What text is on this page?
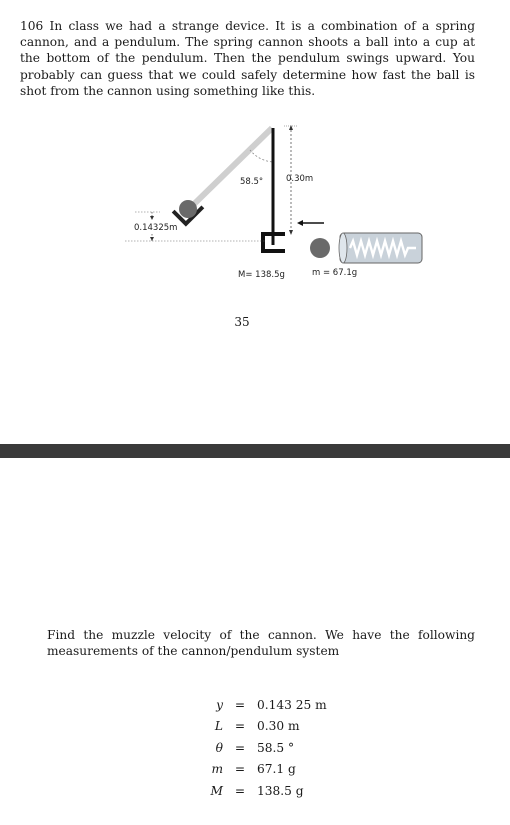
106 In class we had a strange device. It is a combination of a spring cannon, and a pendulum. The spring cannon shoots a ball into a cup at the bottom of the pendulum. Then the pendulum swings upward. You probably can guess that we could safely determine how fast the ball is shot from the cannon using something like this.
58.5°	0.30m
0.14325m
M= 138.5g	m = 67.1g
35
Find the muzzle velocity of the cannon. We have the following measurements of the cannon/pendulum system
y	=	0.143 25 m
L	=	0.30 m
θ	=	58.5 °
m	=	67.1 g
M	=	138.5 g
